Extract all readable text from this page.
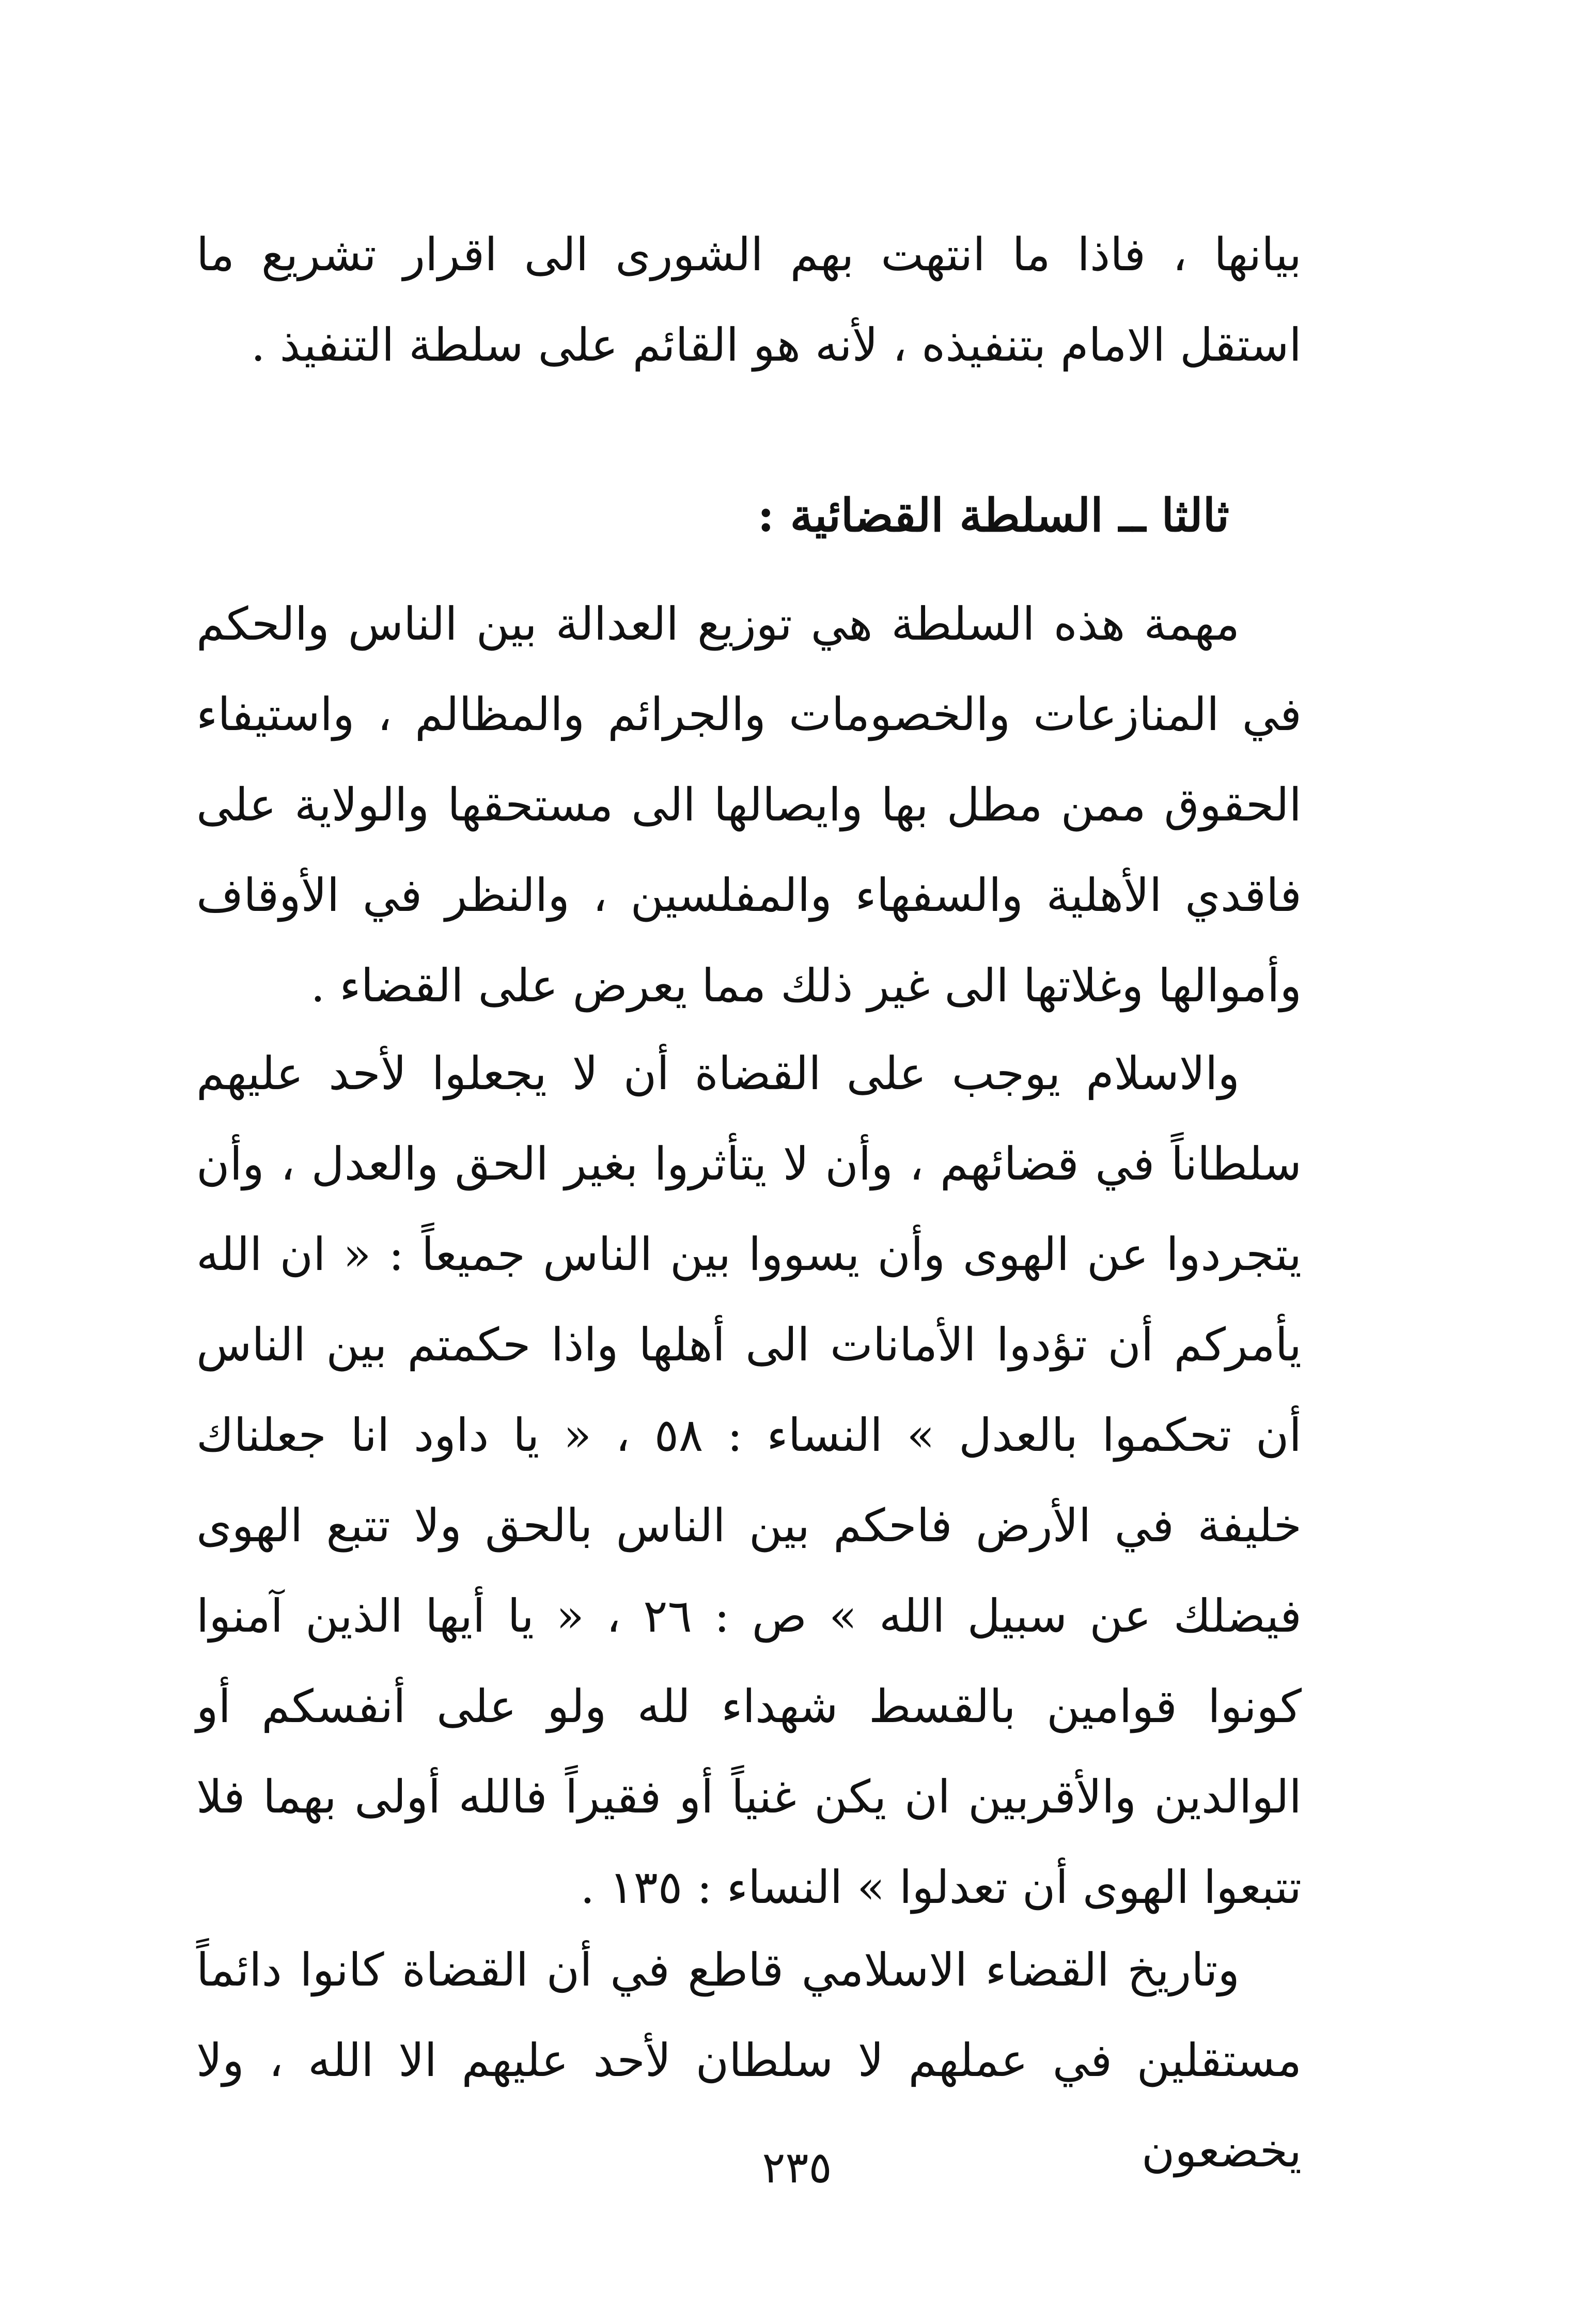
بيانها ، فاذا ما انتهت بهم الشورى الى اقرار تشريع ما استقل الامام بتنفيذه ، لأنه هو القائم على سلطة التنفيذ .

ثالثا ــ السلطة القضائية :

مهمة هذه السلطة هي توزيع العدالة بين الناس والحكم في المنازعات والخصومات والجرائم والمظالم ، واستيفاء الحقوق ممن مطل بها وايصالها الى مستحقها والولاية على فاقدي الأهلية والسفهاء والمفلسين ، والنظر في الأوقاف وأموالها وغلاتها الى غير ذلك مما يعرض على القضاء .

والاسلام يوجب على القضاة أن لا يجعلوا لأحد عليهم سلطاناً في قضائهم ، وأن لا يتأثروا بغير الحق والعدل ، وأن يتجردوا عن الهوى وأن يسووا بين الناس جميعاً : « ان الله يأمركم أن تؤدوا الأمانات الى أهلها واذا حكمتم بين الناس أن تحكموا بالعدل » النساء : ٥٨ ، « يا داود انا جعلناك خليفة في الأرض فاحكم بين الناس بالحق ولا تتبع الهوى فيضلك عن سبيل الله » ص : ٢٦ ، « يا أيها الذين آمنوا كونوا قوامين بالقسط شهداء لله ولو على أنفسكم أو الوالدين والأقربين ان يكن غنياً أو فقيراً فالله أولى بهما فلا تتبعوا الهوى أن تعدلوا » النساء : ١٣٥ .

وتاريخ القضاء الاسلامي قاطع في أن القضاة كانوا دائماً مستقلين في عملهم لا سلطان لأحد عليهم الا الله ، ولا يخضعون

٢٣٥
